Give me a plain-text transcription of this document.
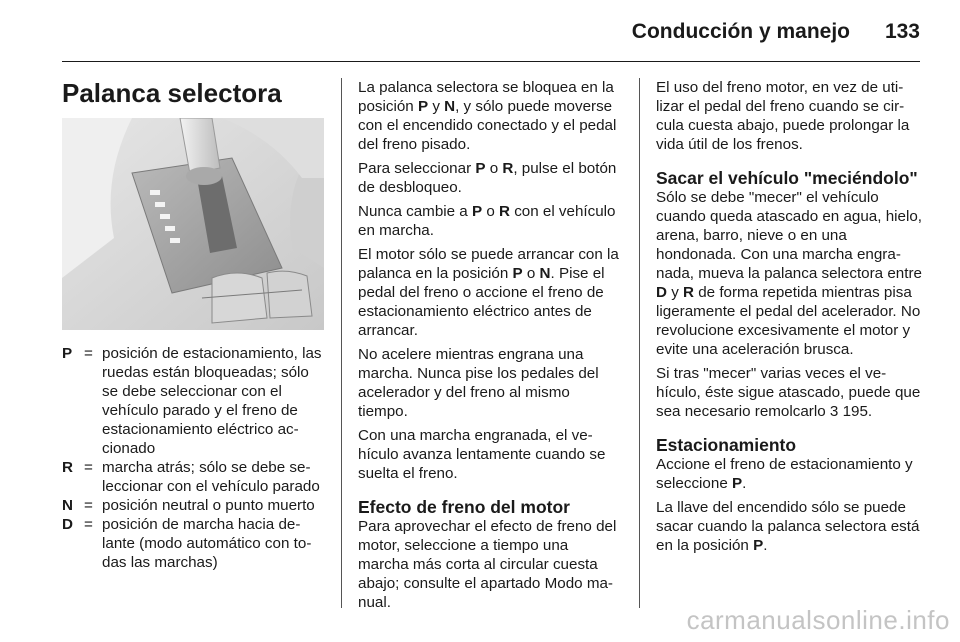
Conducción y manejo 133
Palanca selectora
P = posición de estacionamiento, las ruedas están bloqueadas; sólo se debe seleccionar con el vehículo parado y el freno de estacionamiento eléctrico accionado
R = marcha atrás; sólo se debe seleccionar con el vehículo parado
N = posición neutral o punto muerto
D = posición de marcha hacia delante (modo automático con todas las marchas)

La palanca selectora se bloquea en la posición P y N, y sólo puede moverse con el encendido conectado y el pedal del freno pisado.

Para seleccionar P o R, pulse el botón de desbloqueo.

Nunca cambie a P o R con el vehículo en marcha.

El motor sólo se puede arrancar con la palanca en la posición P o N. Pise el pedal del freno o accione el freno de estacionamiento eléctrico antes de arrancar.

No acelere mientras engrana una marcha. Nunca pise los pedales del acelerador y del freno al mismo tiempo.

Con una marcha engranada, el vehículo avanza lentamente cuando se suelta el freno.

Efecto de freno del motor

Para aprovechar el efecto de freno del motor, seleccione a tiempo una marcha más corta al circular cuesta abajo; consulte el apartado Modo manual.

El uso del freno motor, en vez de utilizar el pedal del freno cuando se circula cuesta abajo, puede prolongar la vida útil de los frenos.

Sacar el vehículo "meciéndolo"

Sólo se debe "mecer" el vehículo cuando queda atascado en agua, hielo, arena, barro, nieve o en una hondonada. Con una marcha engranada, mueva la palanca selectora entre D y R de forma repetida mientras pisa ligeramente el pedal del acelerador. No revolucione excesivamente el motor y evite una aceleración brusca.

Si tras "mecer" varias veces el vehículo, éste sigue atascado, puede que sea necesario remolcarlo 3 195.

Estacionamiento

Accione el freno de estacionamiento y seleccione P.

La llave del encendido sólo se puede sacar cuando la palanca selectora está en la posición P.

carmanualsonline.info
